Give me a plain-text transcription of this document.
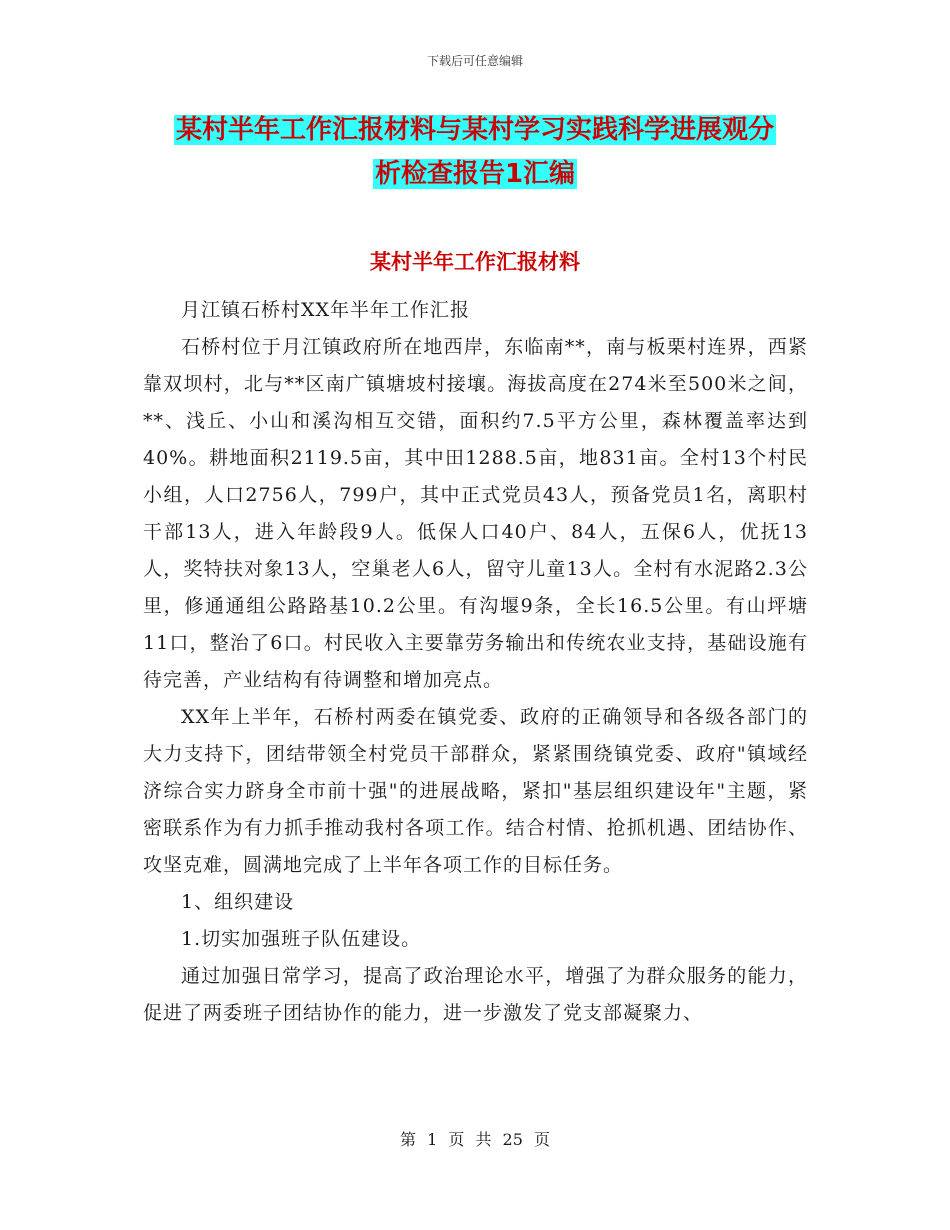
下载后可任意编辑
某村半年工作汇报材料与某村学习实践科学进展观分
析检查报告1汇编
某村半年工作汇报材料

月江镇石桥村XX年半年工作汇报

石桥村位于月江镇政府所在地西岸，东临南**，南与板栗村连界，西紧靠双坝村，北与**区南广镇塘坡村接壤。海拔高度在274米至500米之间，**、浅丘、小山和溪沟相互交错，面积约7.5平方公里，森林覆盖率达到40%。耕地面积2119.5亩，其中田1288.5亩，地831亩。全村13个村民小组，人口2756人，799户，其中正式党员43人，预备党员1名，离职村干部13人，进入年龄段9人。低保人口40户、84人，五保6人，优抚13人，奖特扶对象13人，空巢老人6人，留守儿童13人。全村有水泥路2.3公里，修通通组公路路基10.2公里。有沟堰9条，全长16.5公里。有山坪塘11口，整治了6口。村民收入主要靠劳务输出和传统农业支持，基础设施有待完善，产业结构有待调整和增加亮点。

XX年上半年，石桥村两委在镇党委、政府的正确领导和各级各部门的大力支持下，团结带领全村党员干部群众，紧紧围绕镇党委、政府"镇域经济综合实力跻身全市前十强"的进展战略，紧扣"基层组织建设年"主题，紧密联系作为有力抓手推动我村各项工作。结合村情、抢抓机遇、团结协作、攻坚克难，圆满地完成了上半年各项工作的目标任务。

1、组织建设

1.切实加强班子队伍建设。

通过加强日常学习，提高了政治理论水平，增强了为群众服务的能力，促进了两委班子团结协作的能力，进一步激发了党支部凝聚力、

第 1 页 共 25 页
